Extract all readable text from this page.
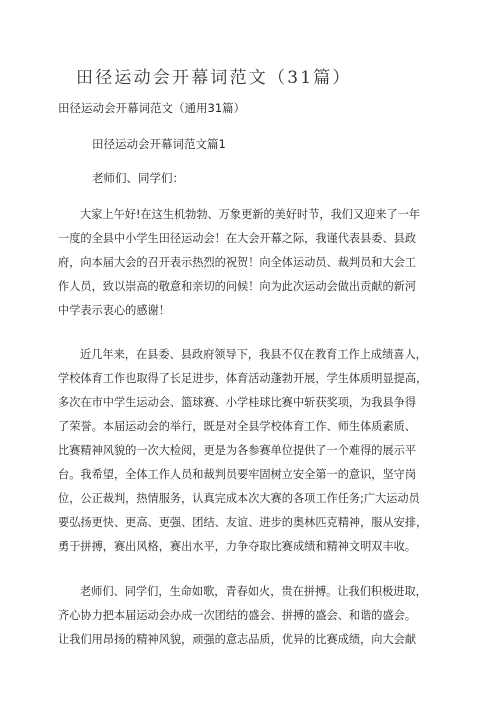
田径运动会开幕词范文（31篇）
田径运动会开幕词范文（通用31篇）
田径运动会开幕词范文篇1
老师们、同学们：
大家上午好!在这生机勃勃、万象更新的美好时节，我们又迎来了一年
一度的全县中小学生田径运动会！在大会开幕之际，我谨代表县委、县政
府，向本届大会的召开表示热烈的祝贺！向全体运动员、裁判员和大会工
作人员，致以崇高的敬意和亲切的问候！向为此次运动会做出贡献的新河
中学表示衷心的感谢！
近几年来，在县委、县政府领导下，我县不仅在教育工作上成绩喜人，
学校体育工作也取得了长足进步，体育活动蓬勃开展，学生体质明显提高，
多次在市中学生运动会、篮球赛、小学桂球比赛中斩获奖项，为我县争得
了荣誉。本届运动会的举行，既是对全县学校体育工作、师生体质素质、
比赛精神风貌的一次大检阅，更是为各参赛单位提供了一个难得的展示平
台。我希望，全体工作人员和裁判员要牢固树立安全第一的意识，坚守岗
位，公正裁判，热情服务，认真完成本次大赛的各项工作任务;广大运动员
要弘扬更快、更高、更强、团结、友谊、进步的奥林匹克精神，服从安排，
勇于拼搏，赛出风格，赛出水平，力争夺取比赛成绩和精神文明双丰收。
老师们、同学们，生命如歌，青春如火，贵在拼搏。让我们积极进取，
齐心协力把本届运动会办成一次团结的盛会、拼搏的盛会、和谐的盛会。
让我们用昂扬的精神风貌，顽强的意志品质，优异的比赛成绩，向大会献
